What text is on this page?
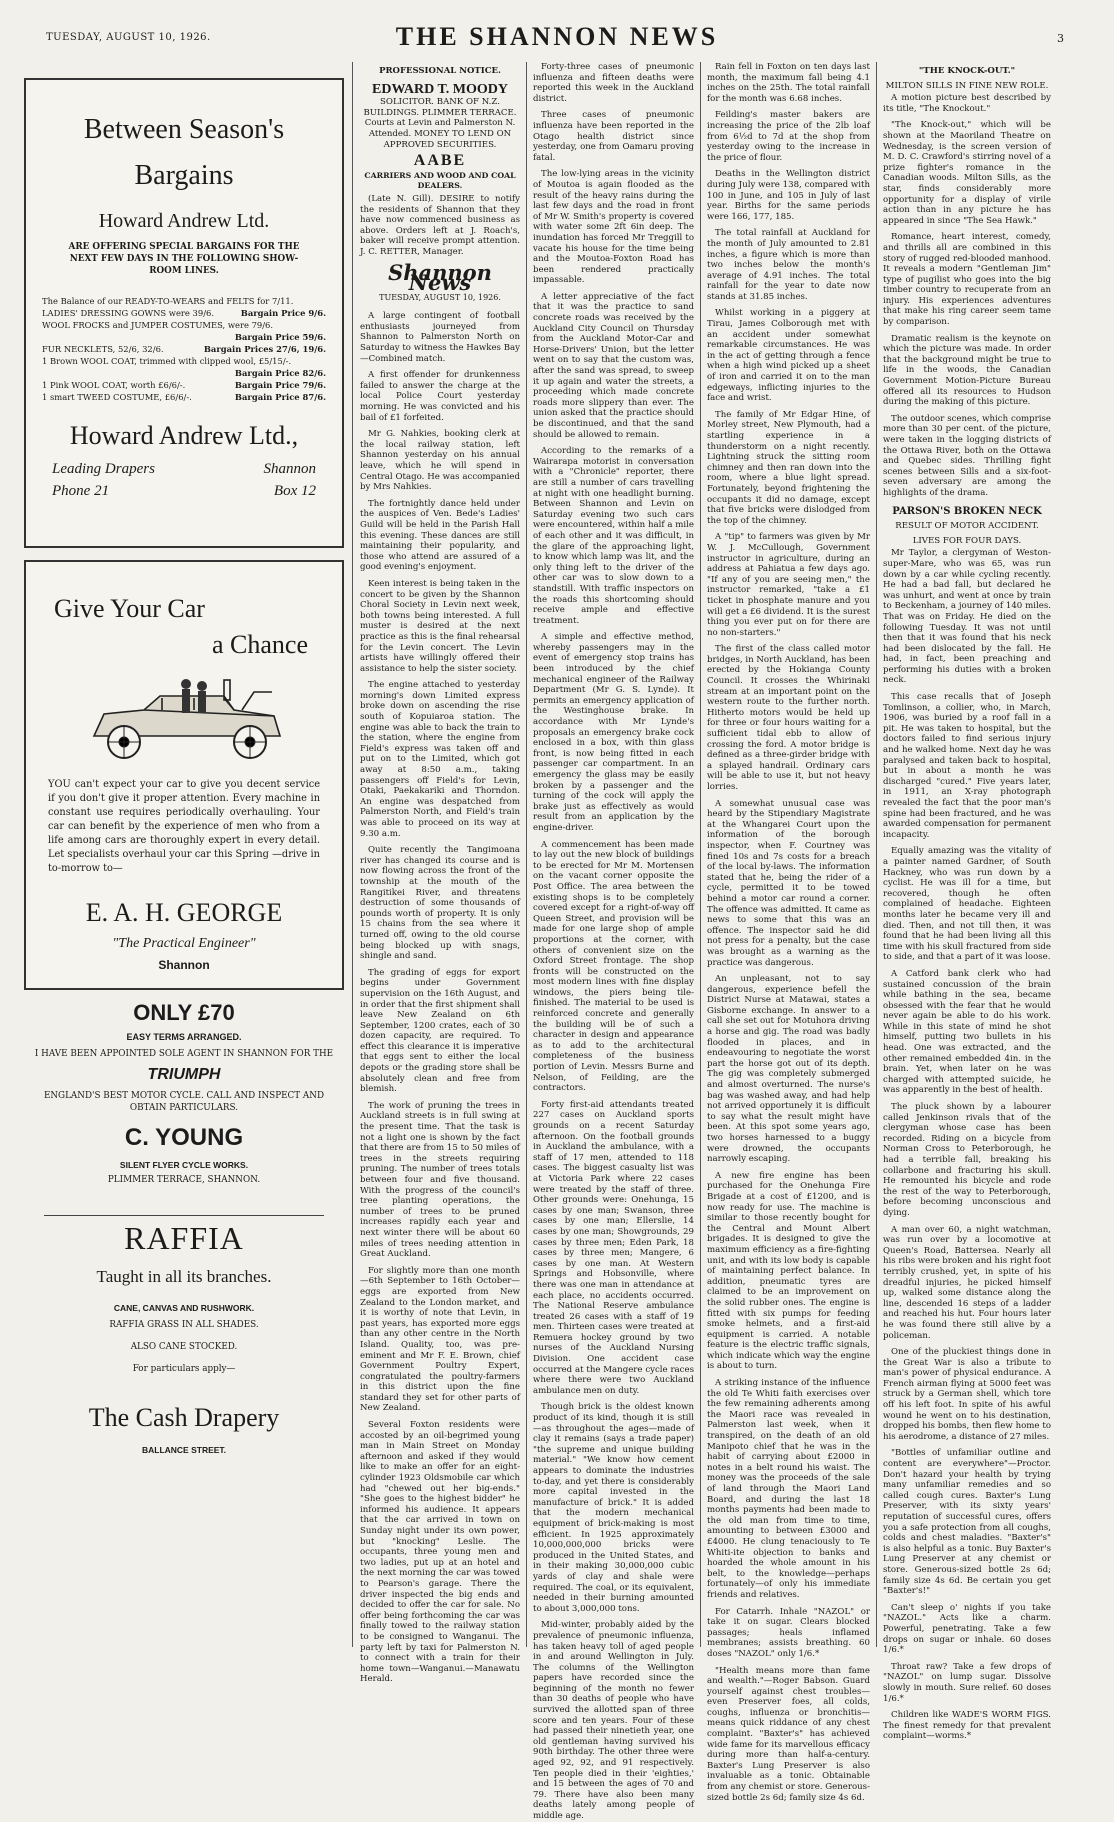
TUESDAY, AUGUST 10, 1926.	THE SHANNON NEWS	3
Between Season's
Bargains
Howard Andrew Ltd.
ARE OFFERING SPECIAL BARGAINS FOR THE NEXT FEW DAYS IN THE FOLLOWING SHOW-ROOM LINES.
The Balance of our READY-TO-WEARS and FELTS for 7/11.
LADIES' DRESSING GOWNS were 39/6.	Bargain Price 9/6.
WOOL FROCKS and JUMPER COSTUMES, were 79/6.
Bargain Price 59/6.
FUR NECKLETS, 52/6, 32/6.	Bargain Prices 27/6, 19/6.
1 Brown WOOL COAT, trimmed with clipped wool, £5/15/-.
Bargain Price 82/6.
1 Pink WOOL COAT, worth £6/6/-.	Bargain Price 79/6.
1 smart TWEED COSTUME, £6/6/-.	Bargain Price 87/6.
Howard Andrew Ltd.,
Leading Drapers	Shannon
Phone 21	Box 12
Give Your Car
a Chance
YOU can't expect your car to give you decent service if you don't give it proper attention. Every machine in constant use requires periodically overhauling. Your car can benefit by the experience of men who from a life among cars are thoroughly expert in every detail. Let specialists overhaul your car this Spring —drive in to-morrow to—
E. A. H. GEORGE
"The Practical Engineer"
Shannon
ONLY £70
EASY TERMS ARRANGED.
I HAVE BEEN APPOINTED SOLE AGENT IN SHANNON FOR THE
TRIUMPH
ENGLAND'S BEST MOTOR CYCLE. CALL AND INSPECT AND OBTAIN PARTICULARS.
C. YOUNG
SILENT FLYER CYCLE WORKS.
PLIMMER TERRACE, SHANNON.
RAFFIA
Taught in all its branches.
CANE, CANVAS AND RUSHWORK.
RAFFIA GRASS IN ALL SHADES.
ALSO CANE STOCKED.
For particulars apply—
The Cash Drapery
BALLANCE STREET.
PROFESSIONAL NOTICE.
EDWARD T. MOODY

SOLICITOR. BANK OF N.Z. BUILDINGS. PLIMMER TERRACE. Courts at Levin and Palmerston N. Attended. MONEY TO LEND ON APPROVED SECURITIES.

AABE
CARRIERS AND WOOD AND COAL DEALERS.

(Late N. Gill). DESIRE to notify the residents of Shannon that they have now commenced business as above. Orders left at J. Roach's, baker will receive prompt attention. J. C. RETTER, Manager.

Shannon News
TUESDAY, AUGUST 10, 1926.

A large contingent of football enthusiasts journeyed from Shannon to Palmerston North on Saturday to witness the Hawkes Bay—Combined match.

A first offender for drunkenness failed to answer the charge at the local Police Court yesterday morning. He was convicted and his bail of £1 forfeited.

Mr G. Nahkies, booking clerk at the local railway station, left Shannon yesterday on his annual leave, which he will spend in Central Otago. He was accompanied by Mrs Nahkies.

The fortnightly dance held under the auspices of Ven. Bede's Ladies' Guild will be held in the Parish Hall this evening. These dances are still maintaining their popularity, and those who attend are assured of a good evening's enjoyment.

Keen interest is being taken in the concert to be given by the Shannon Choral Society in Levin next week, both towns being interested. A full muster is desired at the next practice as this is the final rehearsal for the Levin concert. The Levin artists have willingly offered their assistance to help the sister society.

The engine attached to yesterday morning's down Limited express broke down on ascending the rise south of Kopuiaroa station. The engine was able to back the train to the station, where the engine from Field's express was taken off and put on to the Limited, which got away at 8:50 a.m., taking passengers off Field's for Levin, Otaki, Paekakariki and Thorndon. An engine was despatched from Palmerston North, and Field's train was able to proceed on its way at 9.30 a.m.

Quite recently the Tangimoana river has changed its course and is now flowing across the front of the township at the mouth of the Rangitikei River, and threatens destruction of some thousands of pounds worth of property. It is only 15 chains from the sea where it turned off, owing to the old course being blocked up with snags, shingle and sand.

The grading of eggs for export begins under Government supervision on the 16th August, and in order that the first shipment shall leave New Zealand on 6th September, 1200 crates, each of 30 dozen capacity, are required. To effect this clearance it is imperative that eggs sent to either the local depots or the grading store shall be absolutely clean and free from blemish.

The work of pruning the trees in Auckland streets is in full swing at the present time. That the task is not a light one is shown by the fact that there are from 15 to 50 miles of trees in the streets requiring pruning. The number of trees totals between four and five thousand. With the progress of the council's tree planting operations, the number of trees to be pruned increases rapidly each year and next winter there will be about 60 miles of trees needing attention in Great Auckland.

For slightly more than one month —6th September to 16th October—eggs are exported from New Zealand to the London market, and it is worthy of note that Levin, in past years, has exported more eggs than any other centre in the North Island. Quality, too, was pre-eminent and Mr F. E. Brown, chief Government Poultry Expert, congratulated the poultry-farmers in this district upon the fine standard they set for other parts of New Zealand.

Several Foxton residents were accosted by an oil-begrimed young man in Main Street on Monday afternoon and asked if they would like to make an offer for an eight-cylinder 1923 Oldsmobile car which had "chewed out her big-ends." "She goes to the highest bidder" he informed his audience. It appears that the car arrived in town on Sunday night under its own power, but "knocking" Leslie. The occupants, three young men and two ladies, put up at an hotel and the next morning the car was towed to Pearson's garage. There the driver inspected the big ends and decided to offer the car for sale. No offer being forthcoming the car was finally towed to the railway station to be consigned to Wanganui. The party left by taxi for Palmerston N. to connect with a train for their home town—Wanganui.—Manawatu Herald.

Forty-three cases of pneumonic influenza and fifteen deaths were reported this week in the Auckland district.

Three cases of pneumonic influenza have been reported in the Otago health district since yesterday, one from Oamaru proving fatal.

The low-lying areas in the vicinity of Moutoa is again flooded as the result of the heavy rains during the last few days and the road in front of Mr W. Smith's property is covered with water some 2ft 6in deep. The inundation has forced Mr Treggill to vacate his house for the time being and the Moutoa-Foxton Road has been rendered practically impassable.

A letter appreciative of the fact that it was the practice to sand concrete roads was received by the Auckland City Council on Thursday from the Auckland Motor-Car and Horse-Drivers' Union, but the letter went on to say that the custom was, after the sand was spread, to sweep it up again and water the streets, a proceeding which made concrete roads more slippery than ever. The union asked that the practice should be discontinued, and that the sand should be allowed to remain.

According to the remarks of a Wairarapa motorist in conversation with a "Chronicle" reporter, there are still a number of cars travelling at night with one headlight burning. Between Shannon and Levin on Saturday evening two such cars were encountered, within half a mile of each other and it was difficult, in the glare of the approaching light, to know which lamp was lit, and the only thing left to the driver of the other car was to slow down to a standstill. With traffic inspectors on the roads this shortcoming should receive ample and effective treatment.

A simple and effective method, whereby passengers may in the event of emergency stop trains has been introduced by the chief mechanical engineer of the Railway Department (Mr G. S. Lynde). It permits an emergency application of the Westinghouse brake. In accordance with Mr Lynde's proposals an emergency brake cock enclosed in a box, with thin glass front, is now being fitted in each passenger car compartment. In an emergency the glass may be easily broken by a passenger and the turning of the cock will apply the brake just as effectively as would result from an application by the engine-driver.

A commencement has been made to lay out the new block of buildings to be erected for Mr M. Mortensen on the vacant corner opposite the Post Office. The area between the existing shops is to be completely covered except for a right-of-way off Queen Street, and provision will be made for one large shop of ample proportions at the corner, with others of convenient size on the Oxford Street frontage. The shop fronts will be constructed on the most modern lines with fine display windows, the piers being tile-finished. The material to be used is reinforced concrete and generally the building will be of such a character in design and appearance as to add to the architectural completeness of the business portion of Levin. Messrs Burne and Nelson, of Feilding, are the contractors.

Forty first-aid attendants treated 227 cases on Auckland sports grounds on a recent Saturday afternoon. On the football grounds in Auckland the ambulance, with a staff of 17 men, attended to 118 cases. The biggest casualty list was at Victoria Park where 22 cases were treated by the staff of three. Other grounds were: Onehunga, 15 cases by one man; Swanson, three cases by one man; Ellerslie, 14 cases by one man; Showgrounds, 29 cases by three men; Eden Park, 18 cases by three men; Mangere, 6 cases by one man. At Western Springs and Hobsonville, where there was one man in attendance at each place, no accidents occurred. The National Reserve ambulance treated 26 cases with a staff of 19 men. Thirteen cases were treated at Remuera hockey ground by two nurses of the Auckland Nursing Division. One accident case occurred at the Mangere cycle races where there were two Auckland ambulance men on duty.

Though brick is the oldest known product of its kind, though it is still—as throughout the ages—made of clay it remains (says a trade paper) "the supreme and unique building material." "We know how cement appears to dominate the industries to-day, and yet there is considerably more capital invested in the manufacture of brick." It is added that the modern mechanical equipment of brick-making is most efficient. In 1925 approximately 10,000,000,000 bricks were produced in the United States, and in their making 30,000,000 cubic yards of clay and shale were required. The coal, or its equivalent, needed in their burning amounted to about 3,000,000 tons.

Mid-winter, probably aided by the prevalence of pneumonic influenza, has taken heavy toll of aged people in and around Wellington in July. The columns of the Wellington papers have recorded since the beginning of the month no fewer than 30 deaths of people who have survived the allotted span of three score and ten years. Four of these had passed their ninetieth year, one old gentleman having survived his 90th birthday. The other three were aged 92, 92, and 91 respectively. Ten people died in their 'eighties,' and 15 between the ages of 70 and 79. There have also been many deaths lately among people of middle age.

Rain fell in Foxton on ten days last month, the maximum fall being 4.1 inches on the 25th. The total rainfall for the month was 6.68 inches.

Feilding's master bakers are increasing the price of the 2lb loaf from 6½d to 7d at the shop from yesterday owing to the increase in the price of flour.

Deaths in the Wellington district during July were 138, compared with 100 in June, and 105 in July of last year. Births for the same periods were 166, 177, 185.

The total rainfall at Auckland for the month of July amounted to 2.81 inches, a figure which is more than two inches below the month's average of 4.91 inches. The total rainfall for the year to date now stands at 31.85 inches.

Whilst working in a piggery at Tirau, James Colborough met with an accident under somewhat remarkable circumstances. He was in the act of getting through a fence when a high wind picked up a sheet of iron and carried it on to the man edgeways, inflicting injuries to the face and wrist.

The family of Mr Edgar Hine, of Morley street, New Plymouth, had a startling experience in a thunderstorm on a night recently. Lightning struck the sitting room chimney and then ran down into the room, where a blue light spread. Fortunately, beyond frightening the occupants it did no damage, except that five bricks were dislodged from the top of the chimney.

A "tip" to farmers was given by Mr W. J. McCullough, Government instructor in agriculture, during an address at Pahiatua a few days ago. "If any of you are seeing men," the instructor remarked, "take a £1 ticket in phosphate manure and you will get a £6 dividend. It is the surest thing you ever put on for there are no non-starters."

The first of the class called motor bridges, in North Auckland, has been erected by the Hokianga County Council. It crosses the Whirinaki stream at an important point on the western route to the further north. Hitherto motors would be held up for three or four hours waiting for a sufficient tidal ebb to allow of crossing the ford. A motor bridge is defined as a three-girder bridge with a splayed handrail. Ordinary cars will be able to use it, but not heavy lorries.

A somewhat unusual case was heard by the Stipendiary Magistrate at the Whangarei Court upon the information of the borough inspector, when F. Courtney was fined 10s and 7s costs for a breach of the local by-laws. The information stated that he, being the rider of a cycle, permitted it to be towed behind a motor car round a corner. The offence was admitted. It came as news to some that this was an offence. The inspector said he did not press for a penalty, but the case was brought as a warning as the practice was dangerous.

An unpleasant, not to say dangerous, experience befell the District Nurse at Matawai, states a Gisborne exchange. In answer to a call she set out for Motuhora driving a horse and gig. The road was badly flooded in places, and in endeavouring to negotiate the worst part the horse got out of its depth. The gig was completely submerged and almost overturned. The nurse's bag was washed away, and had help not arrived opportunely it is difficult to say what the result might have been. At this spot some years ago, two horses harnessed to a buggy were drowned, the occupants narrowly escaping.

A new fire engine has been purchased for the Onehunga Fire Brigade at a cost of £1200, and is now ready for use. The machine is similar to those recently bought for the Central and Mount Albert brigades. It is designed to give the maximum efficiency as a fire-fighting unit, and with its low body is capable of maintaining perfect balance. In addition, pneumatic tyres are claimed to be an improvement on the solid rubber ones. The engine is fitted with six pumps for feeding smoke helmets, and a first-aid equipment is carried. A notable feature is the electric traffic signals, which indicate which way the engine is about to turn.

A striking instance of the influence the old Te Whiti faith exercises over the few remaining adherents among the Maori race was revealed in Palmerston last week, when it transpired, on the death of an old Manipoto chief that he was in the habit of carrying about £2000 in notes in a belt round his waist. The money was the proceeds of the sale of land through the Maori Land Board, and during the last 18 months payments had been made to the old man from time to time, amounting to between £3000 and £4000. He clung tenaciously to Te Whiti-ite objection to banks and hoarded the whole amount in his belt, to the knowledge—perhaps fortunately—of only his immediate friends and relatives.

For Catarrh. Inhale "NAZOL" or take it on sugar. Clears blocked passages; heals inflamed membranes; assists breathing. 60 doses "NAZOL" only 1/6.*

"Health means more than fame and wealth."—Roger Babson. Guard yourself against chest troubles—even Preserver foes, all colds, coughs, influenza or bronchitis—means quick riddance of any chest complaint. "Baxter's" has achieved wide fame for its marvellous efficacy during more than half-a-century. Baxter's Lung Preserver is also invaluable as a tonic. Obtainable from any chemist or store. Generous-sized bottle 2s 6d; family size 4s 6d.

"THE KNOCK-OUT."
MILTON SILLS IN FINE NEW ROLE.

A motion picture best described by its title, "The Knockout."

"The Knock-out," which will be shown at the Maoriland Theatre on Wednesday, is the screen version of M. D. C. Crawford's stirring novel of a prize fighter's romance in the Canadian woods. Milton Sills, as the star, finds considerably more opportunity for a display of virile action than in any picture he has appeared in since "The Sea Hawk."

Romance, heart interest, comedy, and thrills all are combined in this story of rugged red-blooded manhood. It reveals a modern "Gentleman Jim" type of pugilist who goes into the big timber country to recuperate from an injury. His experiences adventures that make his ring career seem tame by comparison.

Dramatic realism is the keynote on which the picture was made. In order that the background might be true to life in the woods, the Canadian Government Motion-Picture Bureau offered all its resources to Hudson during the making of this picture.

The outdoor scenes, which comprise more than 30 per cent. of the picture, were taken in the logging districts of the Ottawa River, both on the Ottawa and Quebec sides. Thrilling fight scenes between Sills and a six-foot-seven adversary are among the highlights of the drama.

PARSON'S BROKEN NECK
RESULT OF MOTOR ACCIDENT.
LIVES FOR FOUR DAYS.

Mr Taylor, a clergyman of Weston-super-Mare, who was 65, was run down by a car while cycling recently. He had a bad fall, but declared he was unhurt, and went at once by train to Beckenham, a journey of 140 miles. That was on Friday. He died on the following Tuesday. It was not until then that it was found that his neck had been dislocated by the fall. He had, in fact, been preaching and performing his duties with a broken neck.

This case recalls that of Joseph Tomlinson, a collier, who, in March, 1906, was buried by a roof fall in a pit. He was taken to hospital, but the doctors failed to find serious injury and he walked home. Next day he was paralysed and taken back to hospital, but in about a month he was discharged "cured." Five years later, in 1911, an X-ray photograph revealed the fact that the poor man's spine had been fractured, and he was awarded compensation for permanent incapacity.

Equally amazing was the vitality of a painter named Gardner, of South Hackney, who was run down by a cyclist. He was ill for a time, but recovered, though he often complained of headache. Eighteen months later he became very ill and died. Then, and not till then, it was found that he had been living all this time with his skull fractured from side to side, and that a part of it was loose.

A Catford bank clerk who had sustained concussion of the brain while bathing in the sea, became obsessed with the fear that he would never again be able to do his work. While in this state of mind he shot himself, putting two bullets in his head. One was extracted, and the other remained embedded 4in. in the brain. Yet, when later on he was charged with attempted suicide, he was apparently in the best of health.

The pluck shown by a labourer called Jenkinson rivals that of the clergyman whose case has been recorded. Riding on a bicycle from Norman Cross to Peterborough, he had a terrible fall, breaking his collarbone and fracturing his skull. He remounted his bicycle and rode the rest of the way to Peterborough, before becoming unconscious and dying.

A man over 60, a night watchman, was run over by a locomotive at Queen's Road, Battersea. Nearly all his ribs were broken and his right foot terribly crushed, yet, in spite of his dreadful injuries, he picked himself up, walked some distance along the line, descended 16 steps of a ladder and reached his hut. Four hours later he was found there still alive by a policeman.

One of the pluckiest things done in the Great War is also a tribute to man's power of physical endurance. A French airman flying at 5000 feet was struck by a German shell, which tore off his left foot. In spite of his awful wound he went on to his destination, dropped his bombs, then flew home to his aerodrome, a distance of 27 miles.

"Bottles of unfamiliar outline and content are everywhere"—Proctor. Don't hazard your health by trying many unfamiliar remedies and so called cough cures. Baxter's Lung Preserver, with its sixty years' reputation of successful cures, offers you a safe protection from all coughs, colds and chest maladies. "Baxter's" is also helpful as a tonic. Buy Baxter's Lung Preserver at any chemist or store. Generous-sized bottle 2s 6d; family size 4s 6d. Be certain you get "Baxter's!"

Can't sleep o' nights if you take "NAZOL." Acts like a charm. Powerful, penetrating. Take a few drops on sugar or inhale. 60 doses 1/6.*

Throat raw? Take a few drops of "NAZOL" on lump sugar. Dissolve slowly in mouth. Sure relief. 60 doses 1/6.*

Children like WADE'S WORM FIGS. The finest remedy for that prevalent complaint—worms.*
